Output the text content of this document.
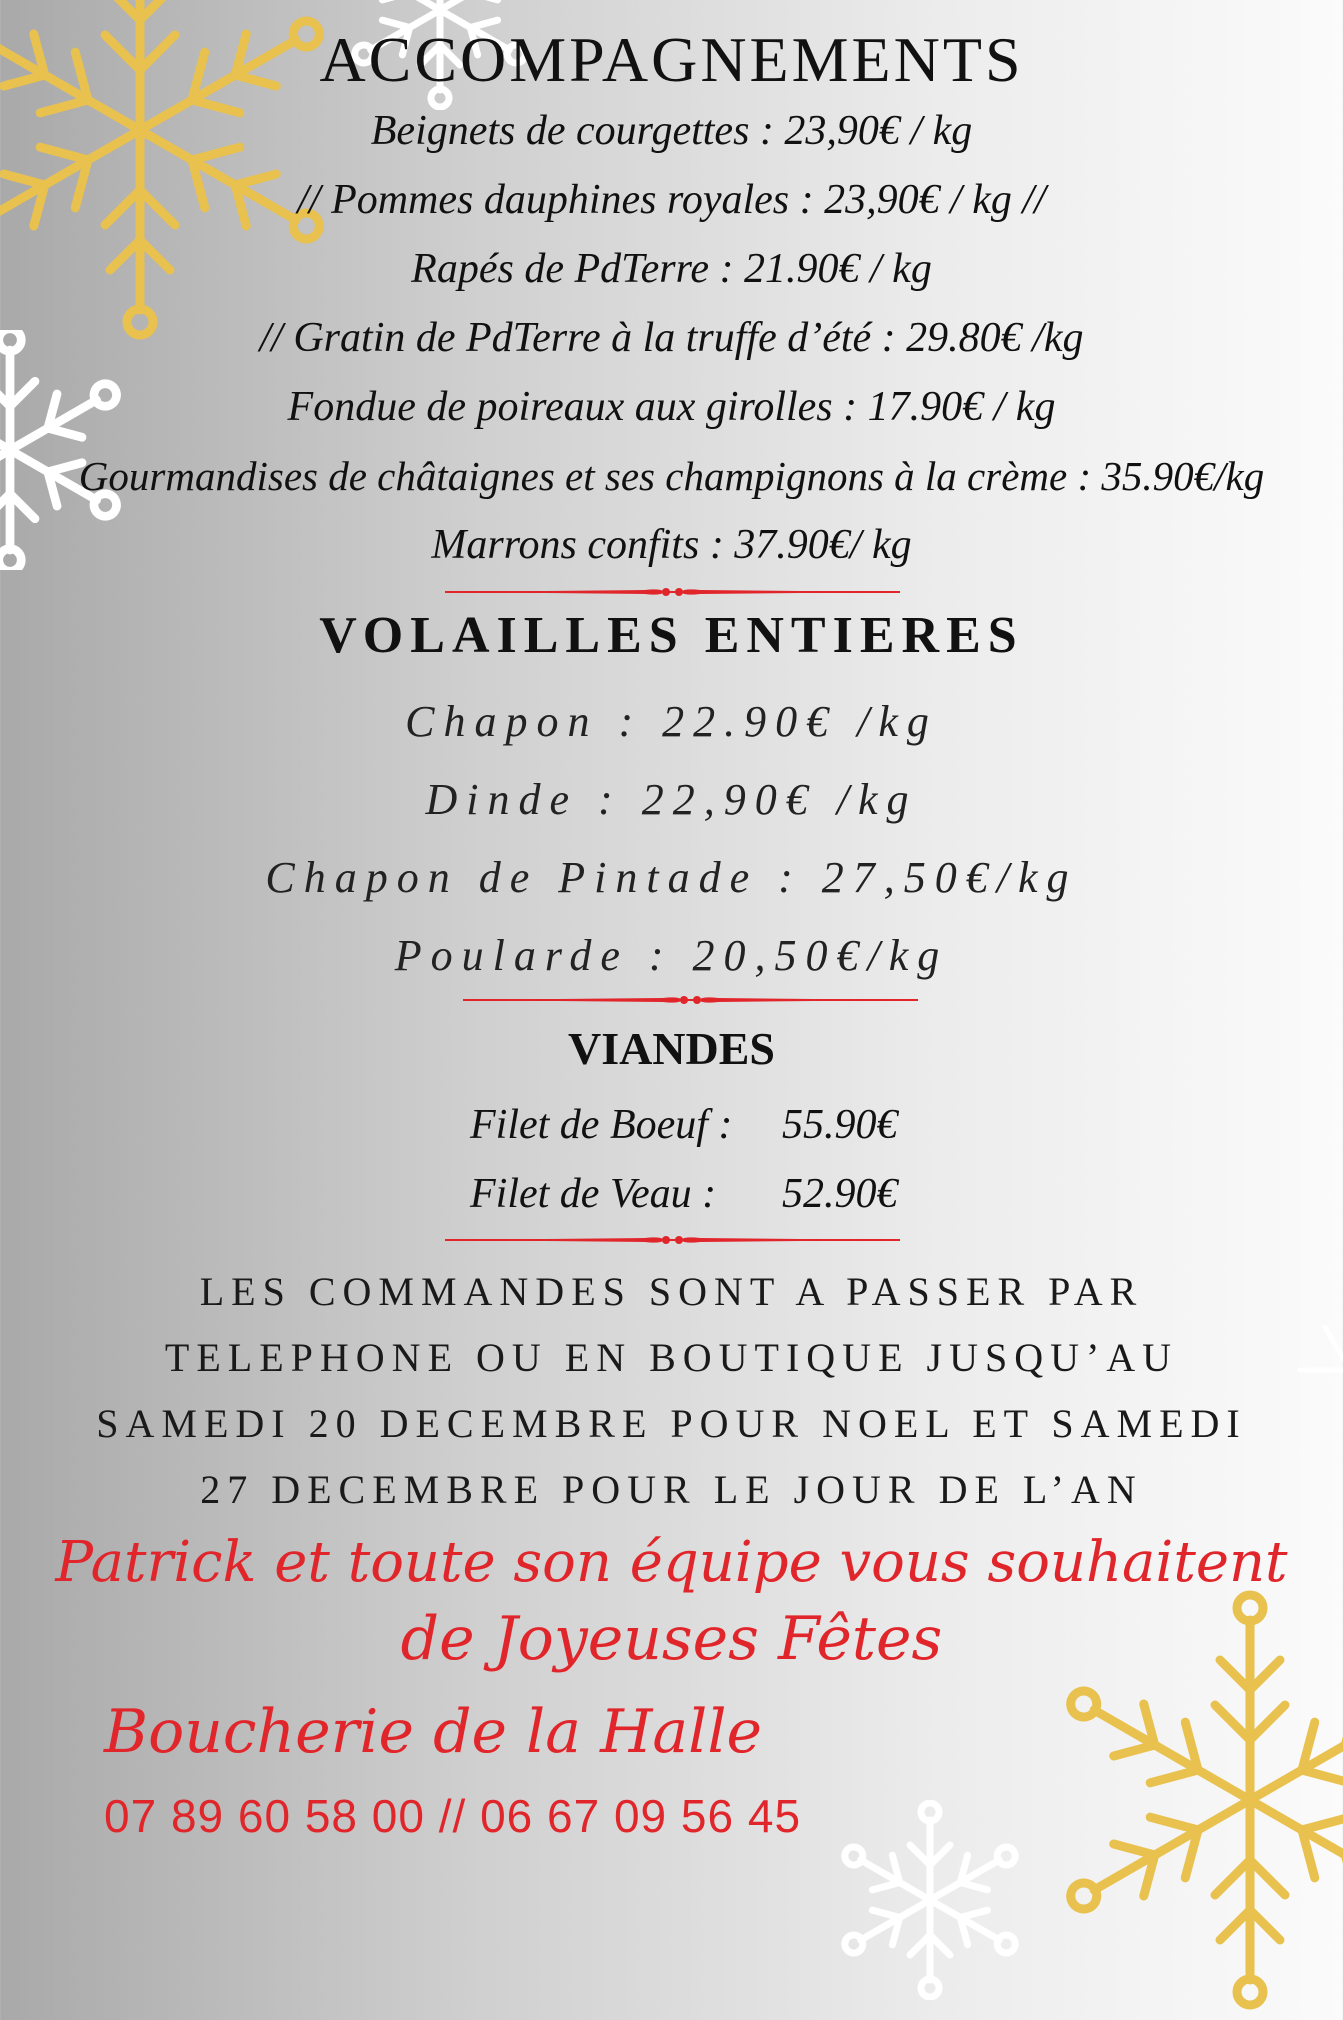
ACCOMPAGNEMENTS
Beignets de courgettes : 23,90€ / kg
// Pommes dauphines royales : 23,90€ / kg //
Rapés de PdTerre : 21.90€ / kg
// Gratin de PdTerre à la truffe d’été : 29.80€ /kg
Fondue de poireaux aux girolles : 17.90€ / kg
Gourmandises de châtaignes et ses champignons à la crème : 35.90€/kg
Marrons confits : 37.90€/ kg
VOLAILLES ENTIERES
Chapon : 22.90€ /kg
Dinde : 22,90€ /kg
Chapon de Pintade : 27,50€/kg
Poularde : 20,50€/kg
VIANDES
Filet de Boeuf : 55.90€
Filet de Veau : 52.90€
LES COMMANDES SONT A PASSER PAR
TELEPHONE OU EN BOUTIQUE JUSQU’AU
SAMEDI 20 DECEMBRE POUR NOEL ET SAMEDI
27 DECEMBRE POUR LE JOUR DE L’AN
Patrick et toute son équipe vous souhaitent
de Joyeuses Fêtes
Boucherie de la Halle
07 89 60 58 00 // 06 67 09 56 45
